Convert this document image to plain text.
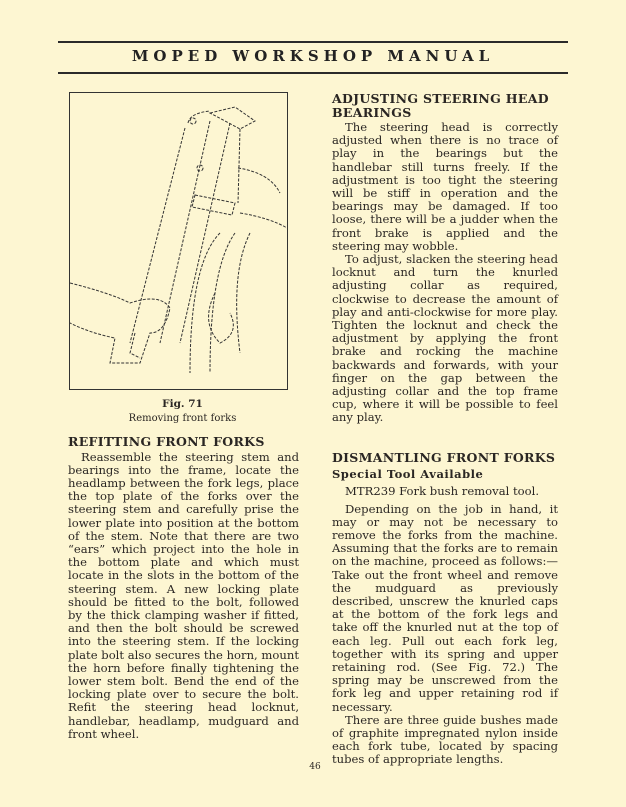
MOPED WORKSHOP MANUAL
Fig. 71
Removing front forks
REFITTING FRONT FORKS

Reassemble the steering stem and bearings into the frame, locate the headlamp between the fork legs, place the top plate of the forks over the steering stem and carefully prise the lower plate into position at the bottom of the stem. Note that there are two “ears” which project into the hole in the bottom plate and which must locate in the slots in the bottom of the steering stem. A new locking plate should be fitted to the bolt, followed by the thick clamping washer if fitted, and then the bolt should be screwed into the steering stem. If the locking plate bolt also secures the horn, mount the horn before finally tightening the lower stem bolt. Bend the end of the locking plate over to secure the bolt. Refit the steering head locknut, handlebar, headlamp, mudguard and front wheel.

ADJUSTING STEERING HEAD BEARINGS

The steering head is correctly adjusted when there is no trace of play in the bearings but the handlebar still turns freely. If the adjustment is too tight the steering will be stiff in operation and the bearings may be damaged. If too loose, there will be a judder when the front brake is applied and the steering may wobble.

To adjust, slacken the steering head locknut and turn the knurled adjusting collar as required, clockwise to decrease the amount of play and anti-clockwise for more play. Tighten the locknut and check the adjustment by applying the front brake and rocking the machine backwards and forwards, with your finger on the gap between the adjusting collar and the top frame cup, where it will be possible to feel any play.

DISMANTLING FRONT FORKS
Special Tool Available
MTR239 Fork bush removal tool.

Depending on the job in hand, it may or may not be necessary to remove the forks from the machine. Assuming that the forks are to remain on the machine, proceed as follows:—Take out the front wheel and remove the mudguard as previously described, unscrew the knurled caps at the bottom of the fork legs and take off the knurled nut at the top of each leg. Pull out each fork leg, together with its spring and upper retaining rod. (See Fig. 72.) The spring may be unscrewed from the fork leg and upper retaining rod if necessary.

There are three guide bushes made of graphite impregnated nylon inside each fork tube, located by spacing tubes of appropriate lengths.

46
